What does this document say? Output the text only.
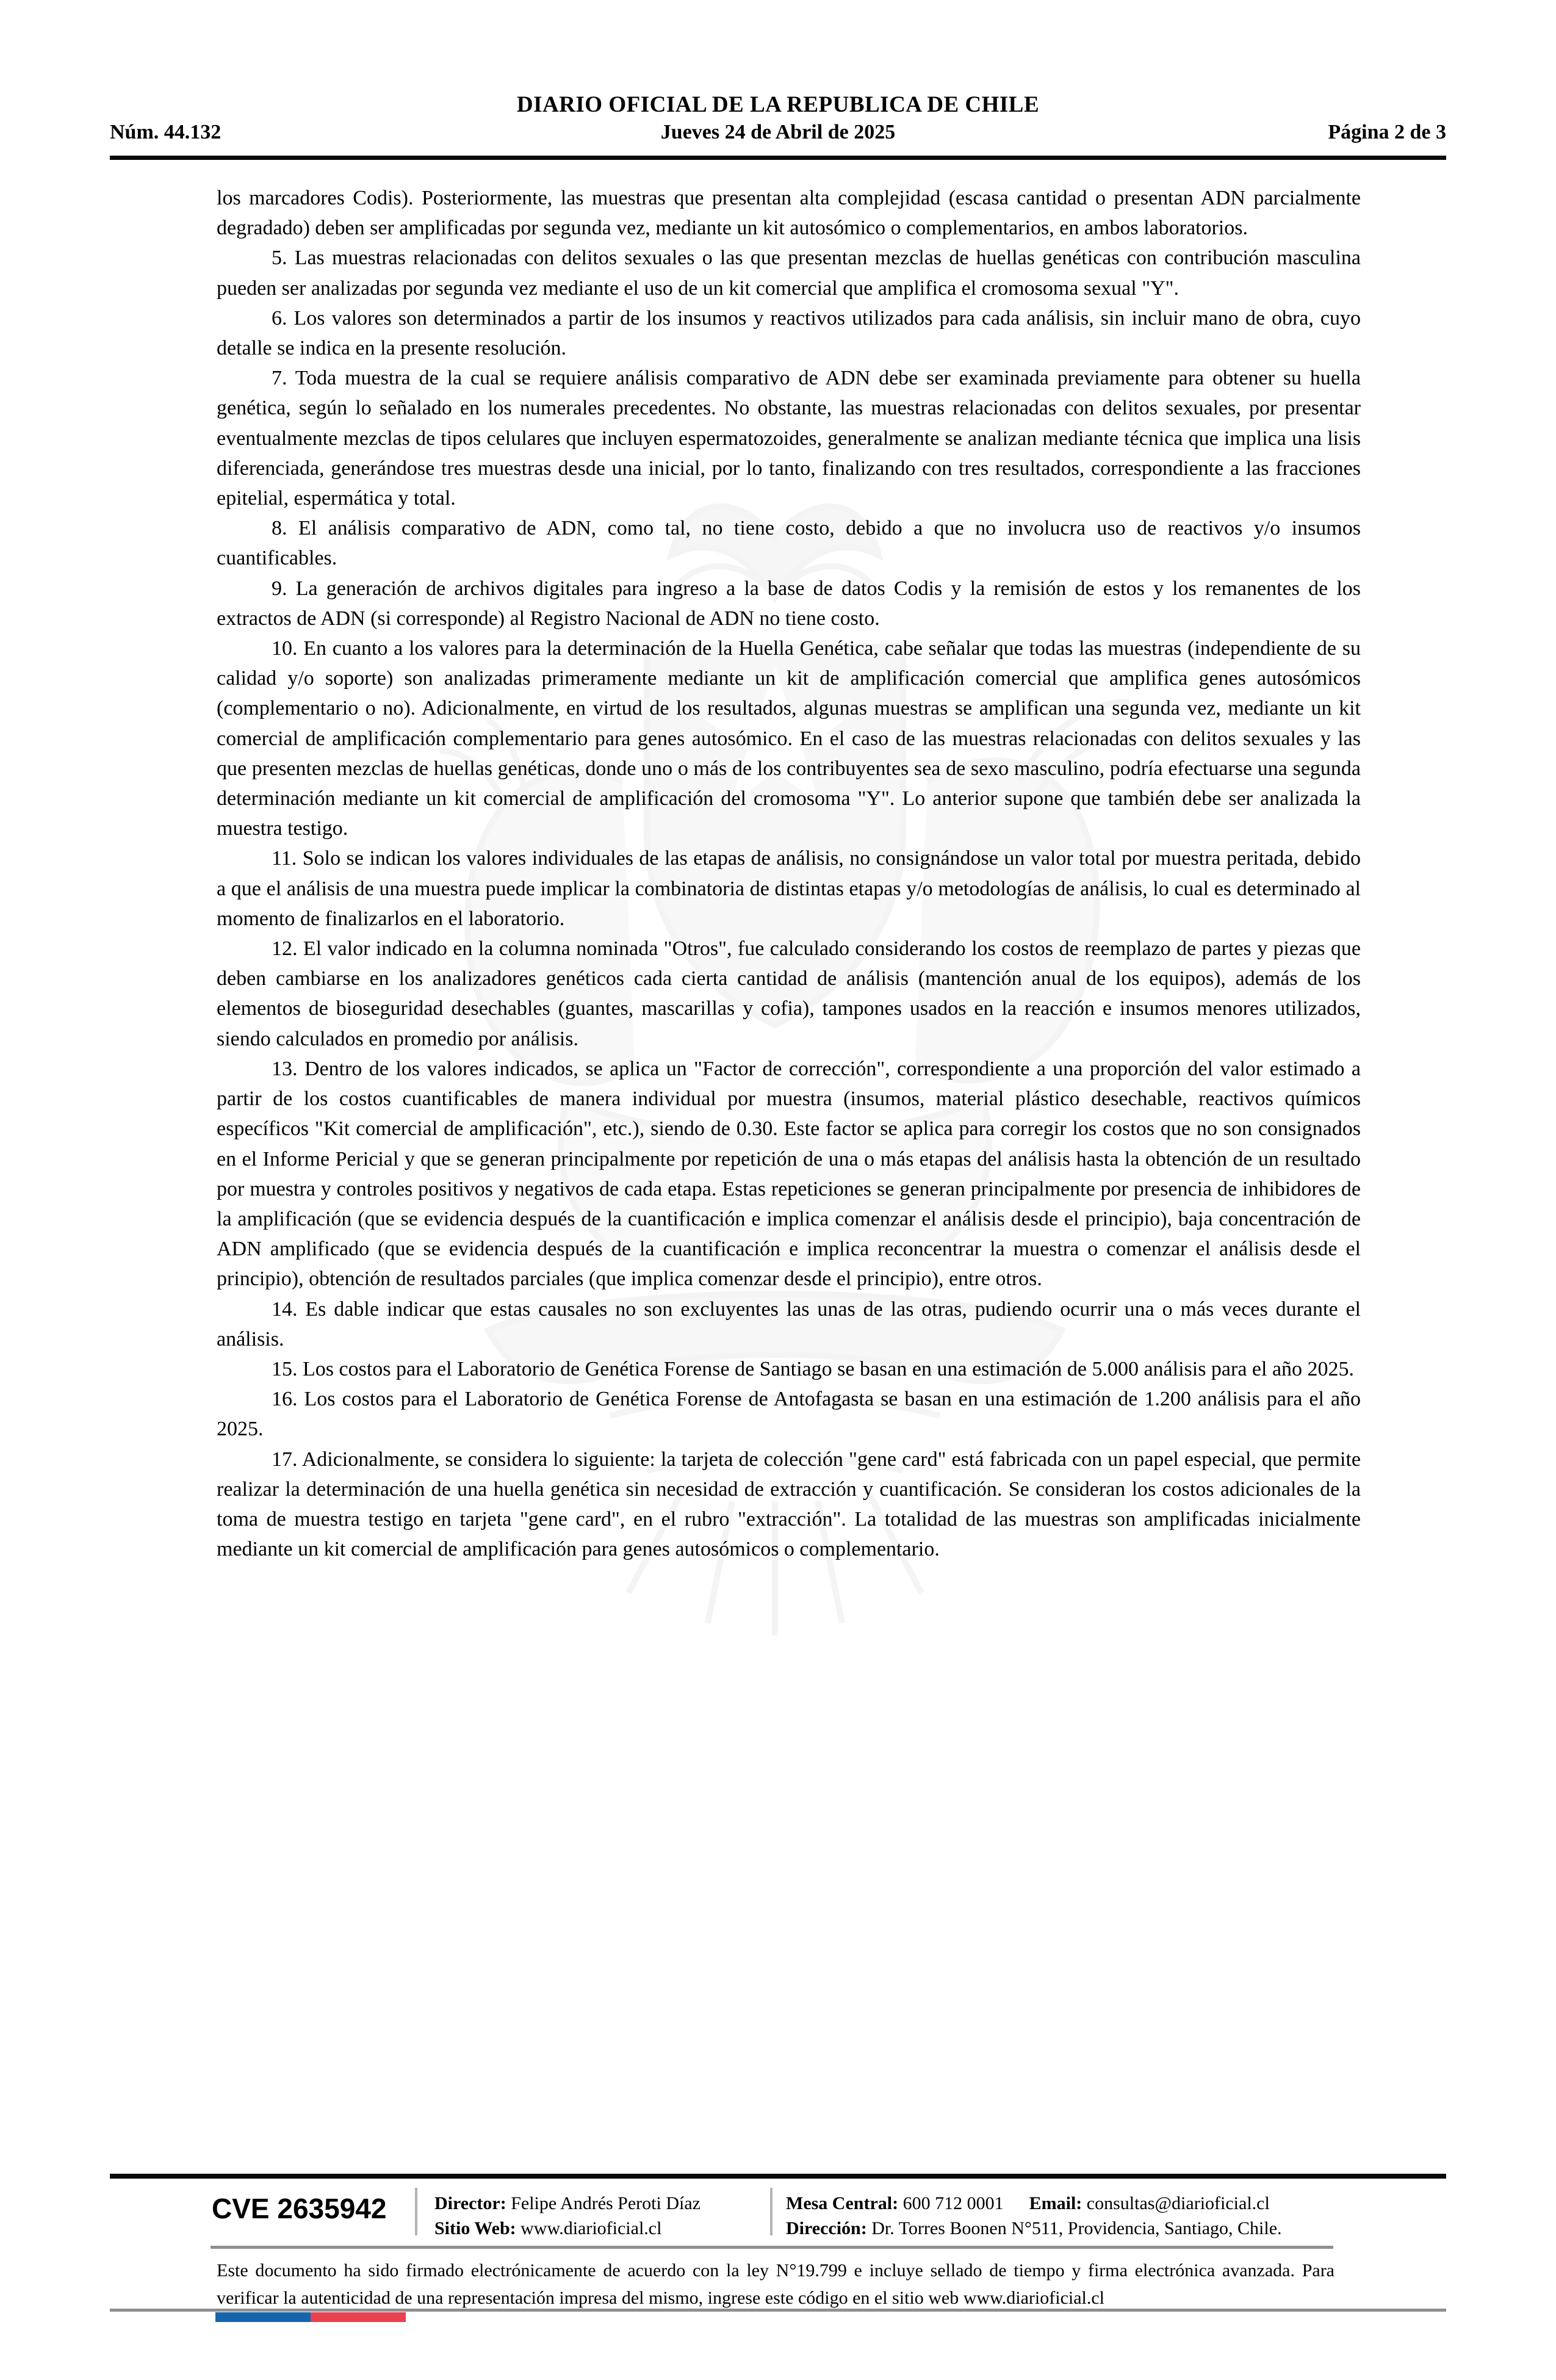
DIARIO OFICIAL DE LA REPUBLICA DE CHILE
Núm. 44.132	Jueves 24 de Abril de 2025	Página 2 de 3

los marcadores Codis). Posteriormente, las muestras que presentan alta complejidad (escasa cantidad o presentan ADN parcialmente degradado) deben ser amplificadas por segunda vez, mediante un kit autosómico o complementarios, en ambos laboratorios.

5. Las muestras relacionadas con delitos sexuales o las que presentan mezclas de huellas genéticas con contribución masculina pueden ser analizadas por segunda vez mediante el uso de un kit comercial que amplifica el cromosoma sexual "Y".

6. Los valores son determinados a partir de los insumos y reactivos utilizados para cada análisis, sin incluir mano de obra, cuyo detalle se indica en la presente resolución.

7. Toda muestra de la cual se requiere análisis comparativo de ADN debe ser examinada previamente para obtener su huella genética, según lo señalado en los numerales precedentes. No obstante, las muestras relacionadas con delitos sexuales, por presentar eventualmente mezclas de tipos celulares que incluyen espermatozoides, generalmente se analizan mediante técnica que implica una lisis diferenciada, generándose tres muestras desde una inicial, por lo tanto, finalizando con tres resultados, correspondiente a las fracciones epitelial, espermática y total.

8. El análisis comparativo de ADN, como tal, no tiene costo, debido a que no involucra uso de reactivos y/o insumos cuantificables.

9. La generación de archivos digitales para ingreso a la base de datos Codis y la remisión de estos y los remanentes de los extractos de ADN (si corresponde) al Registro Nacional de ADN no tiene costo.

10. En cuanto a los valores para la determinación de la Huella Genética, cabe señalar que todas las muestras (independiente de su calidad y/o soporte) son analizadas primeramente mediante un kit de amplificación comercial que amplifica genes autosómicos (complementario o no). Adicionalmente, en virtud de los resultados, algunas muestras se amplifican una segunda vez, mediante un kit comercial de amplificación complementario para genes autosómico. En el caso de las muestras relacionadas con delitos sexuales y las que presenten mezclas de huellas genéticas, donde uno o más de los contribuyentes sea de sexo masculino, podría efectuarse una segunda determinación mediante un kit comercial de amplificación del cromosoma "Y". Lo anterior supone que también debe ser analizada la muestra testigo.

11. Solo se indican los valores individuales de las etapas de análisis, no consignándose un valor total por muestra peritada, debido a que el análisis de una muestra puede implicar la combinatoria de distintas etapas y/o metodologías de análisis, lo cual es determinado al momento de finalizarlos en el laboratorio.

12. El valor indicado en la columna nominada "Otros", fue calculado considerando los costos de reemplazo de partes y piezas que deben cambiarse en los analizadores genéticos cada cierta cantidad de análisis (mantención anual de los equipos), además de los elementos de bioseguridad desechables (guantes, mascarillas y cofia), tampones usados en la reacción e insumos menores utilizados, siendo calculados en promedio por análisis.

13. Dentro de los valores indicados, se aplica un "Factor de corrección", correspondiente a una proporción del valor estimado a partir de los costos cuantificables de manera individual por muestra (insumos, material plástico desechable, reactivos químicos específicos "Kit comercial de amplificación", etc.), siendo de 0.30. Este factor se aplica para corregir los costos que no son consignados en el Informe Pericial y que se generan principalmente por repetición de una o más etapas del análisis hasta la obtención de un resultado por muestra y controles positivos y negativos de cada etapa. Estas repeticiones se generan principalmente por presencia de inhibidores de la amplificación (que se evidencia después de la cuantificación e implica comenzar el análisis desde el principio), baja concentración de ADN amplificado (que se evidencia después de la cuantificación e implica reconcentrar la muestra o comenzar el análisis desde el principio), obtención de resultados parciales (que implica comenzar desde el principio), entre otros.

14. Es dable indicar que estas causales no son excluyentes las unas de las otras, pudiendo ocurrir una o más veces durante el análisis.

15. Los costos para el Laboratorio de Genética Forense de Santiago se basan en una estimación de 5.000 análisis para el año 2025.

16. Los costos para el Laboratorio de Genética Forense de Antofagasta se basan en una estimación de 1.200 análisis para el año 2025.

17. Adicionalmente, se considera lo siguiente: la tarjeta de colección "gene card" está fabricada con un papel especial, que permite realizar la determinación de una huella genética sin necesidad de extracción y cuantificación. Se consideran los costos adicionales de la toma de muestra testigo en tarjeta "gene card", en el rubro "extracción". La totalidad de las muestras son amplificadas inicialmente mediante un kit comercial de amplificación para genes autosómicos o complementario.

CVE 2635942	Director: Felipe Andrés Peroti Díaz
Sitio Web: www.diarioficial.cl
Mesa Central: 600 712 0001 Email: consultas@diarioficial.cl
Dirección: Dr. Torres Boonen N°511, Providencia, Santiago, Chile.

Este documento ha sido firmado electrónicamente de acuerdo con la ley N°19.799 e incluye sellado de tiempo y firma electrónica avanzada. Para verificar la autenticidad de una representación impresa del mismo, ingrese este código en el sitio web www.diarioficial.cl
